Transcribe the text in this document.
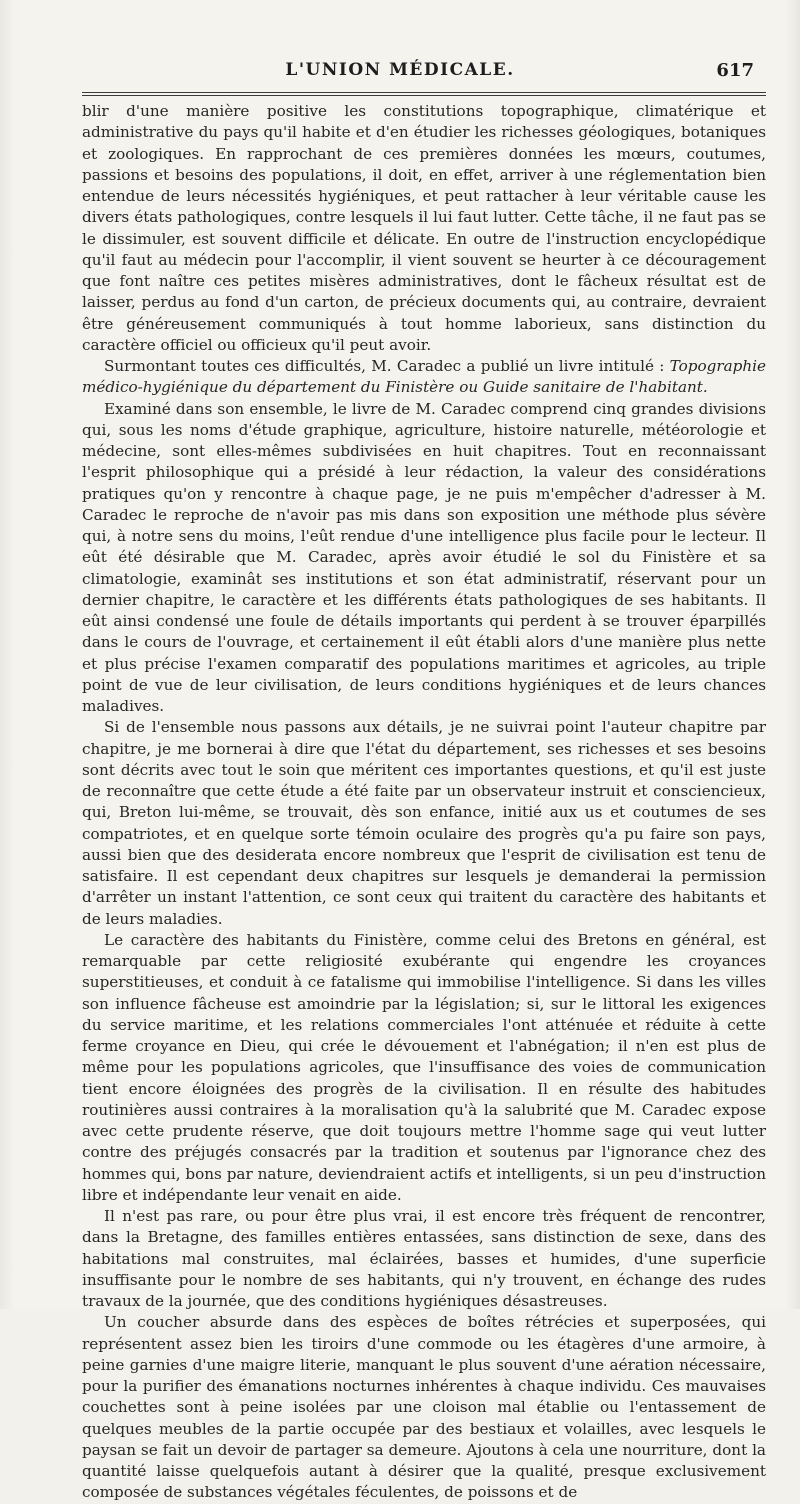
L'UNION MÉDICALE.	617

blir d'une manière positive les constitutions topographique, climatérique et administrative du pays qu'il habite et d'en étudier les richesses géologiques, botaniques et zoologiques. En rapprochant de ces premières données les mœurs, coutumes, passions et besoins des populations, il doit, en effet, arriver à une réglementation bien entendue de leurs nécessités hygiéniques, et peut rattacher à leur véritable cause les divers états pathologiques, contre lesquels il lui faut lutter. Cette tâche, il ne faut pas se le dissimuler, est souvent difficile et délicate. En outre de l'instruction encyclopédique qu'il faut au médecin pour l'accomplir, il vient souvent se heurter à ce découragement que font naître ces petites misères administratives, dont le fâcheux résultat est de laisser, perdus au fond d'un carton, de précieux documents qui, au contraire, devraient être généreusement communiqués à tout homme laborieux, sans distinction du caractère officiel ou officieux qu'il peut avoir.

Surmontant toutes ces difficultés, M. Caradec a publié un livre intitulé : Topographie médico-hygiénique du département du Finistère ou Guide sanitaire de l'habitant.

Examiné dans son ensemble, le livre de M. Caradec comprend cinq grandes divisions qui, sous les noms d'étude graphique, agriculture, histoire naturelle, météorologie et médecine, sont elles-mêmes subdivisées en huit chapitres. Tout en reconnaissant l'esprit philosophique qui a présidé à leur rédaction, la valeur des considérations pratiques qu'on y rencontre à chaque page, je ne puis m'empêcher d'adresser à M. Caradec le reproche de n'avoir pas mis dans son exposition une méthode plus sévère qui, à notre sens du moins, l'eût rendue d'une intelligence plus facile pour le lecteur. Il eût été désirable que M. Caradec, après avoir étudié le sol du Finistère et sa climatologie, examinât ses institutions et son état administratif, réservant pour un dernier chapitre, le caractère et les différents états pathologiques de ses habitants. Il eût ainsi condensé une foule de détails importants qui perdent à se trouver éparpillés dans le cours de l'ouvrage, et certainement il eût établi alors d'une manière plus nette et plus précise l'examen comparatif des populations maritimes et agricoles, au triple point de vue de leur civilisation, de leurs conditions hygiéniques et de leurs chances maladives.

Si de l'ensemble nous passons aux détails, je ne suivrai point l'auteur chapitre par chapitre, je me bornerai à dire que l'état du département, ses richesses et ses besoins sont décrits avec tout le soin que méritent ces importantes questions, et qu'il est juste de reconnaître que cette étude a été faite par un observateur instruit et consciencieux, qui, Breton lui-même, se trouvait, dès son enfance, initié aux us et coutumes de ses compatriotes, et en quelque sorte témoin oculaire des progrès qu'a pu faire son pays, aussi bien que des desiderata encore nombreux que l'esprit de civilisation est tenu de satisfaire. Il est cependant deux chapitres sur lesquels je demanderai la permission d'arrêter un instant l'attention, ce sont ceux qui traitent du caractère des habitants et de leurs maladies.

Le caractère des habitants du Finistère, comme celui des Bretons en général, est remarquable par cette religiosité exubérante qui engendre les croyances superstitieuses, et conduit à ce fatalisme qui immobilise l'intelligence. Si dans les villes son influence fâcheuse est amoindrie par la législation; si, sur le littoral les exigences du service maritime, et les relations commerciales l'ont atténuée et réduite à cette ferme croyance en Dieu, qui crée le dévouement et l'abnégation; il n'en est plus de même pour les populations agricoles, que l'insuffisance des voies de communication tient encore éloignées des progrès de la civilisation. Il en résulte des habitudes routinières aussi contraires à la moralisation qu'à la salubrité que M. Caradec expose avec cette prudente réserve, que doit toujours mettre l'homme sage qui veut lutter contre des préjugés consacrés par la tradition et soutenus par l'ignorance chez des hommes qui, bons par nature, deviendraient actifs et intelligents, si un peu d'instruction libre et indépendante leur venait en aide.

Il n'est pas rare, ou pour être plus vrai, il est encore très fréquent de rencontrer, dans la Bretagne, des familles entières entassées, sans distinction de sexe, dans des habitations mal construites, mal éclairées, basses et humides, d'une superficie insuffisante pour le nombre de ses habitants, qui n'y trouvent, en échange des rudes travaux de la journée, que des conditions hygiéniques désastreuses.

Un coucher absurde dans des espèces de boîtes rétrécies et superposées, qui représentent assez bien les tiroirs d'une commode ou les étagères d'une armoire, à peine garnies d'une maigre literie, manquant le plus souvent d'une aération nécessaire, pour la purifier des émanations nocturnes inhérentes à chaque individu. Ces mauvaises couchettes sont à peine isolées par une cloison mal établie ou l'entassement de quelques meubles de la partie occupée par des bestiaux et volailles, avec lesquels le paysan se fait un devoir de partager sa demeure. Ajoutons à cela une nourriture, dont la quantité laisse quelquefois autant à désirer que la qualité, presque exclusivement composée de substances végétales féculentes, de poissons et de
